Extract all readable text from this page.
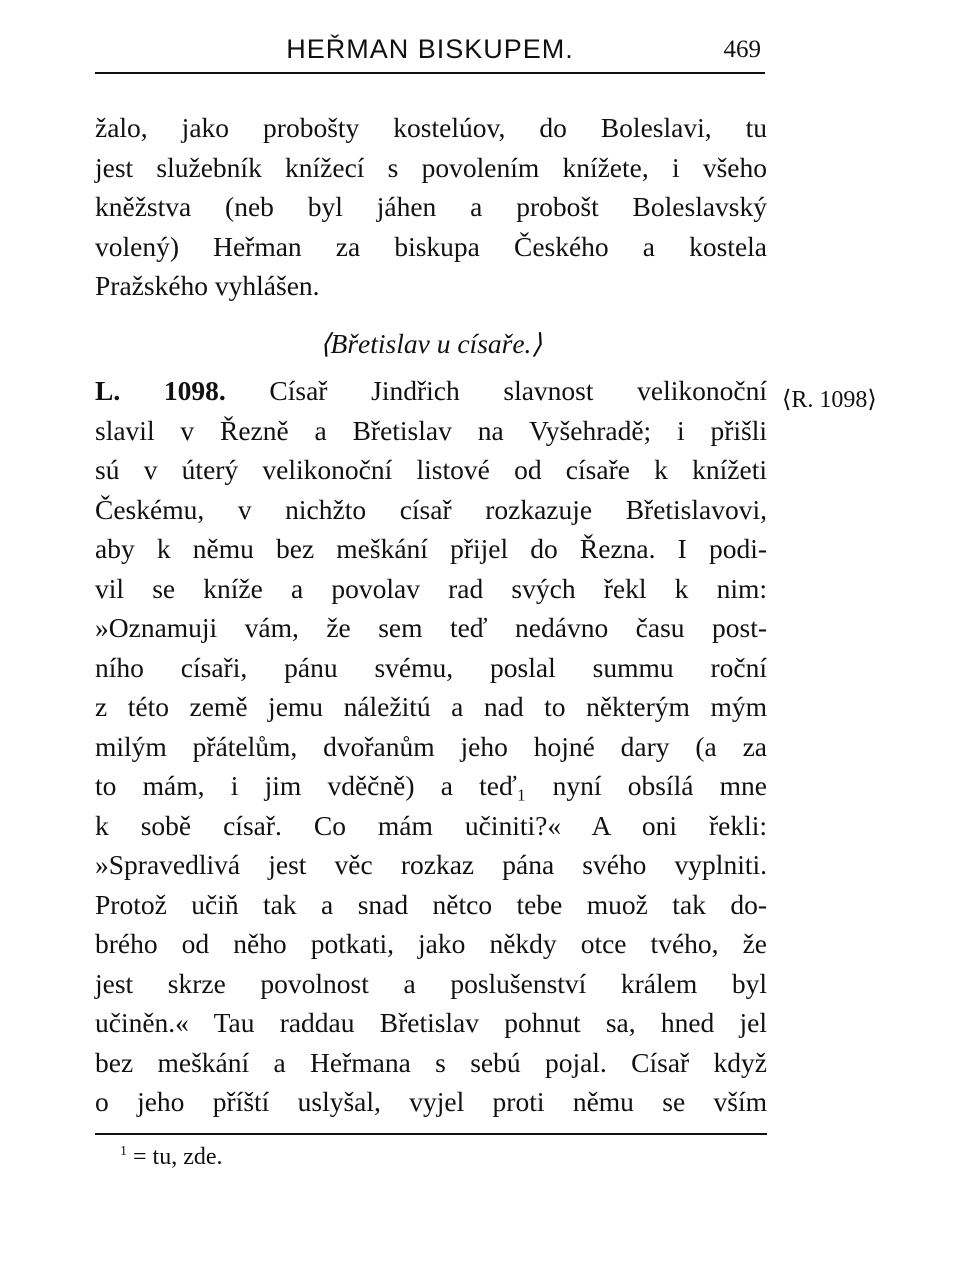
HEŘMAN BISKUPEM.	469
žalo, jako probošty kostelúov, do Boleslavi, tu
jest služebník knížecí s povolením knížete, i všeho
kněžstva (neb byl jáhen a probošt Boleslavský
volený) Heřman za biskupa Českého a kostela
Pražského vyhlášen.
⟨Břetislav u císaře.⟩
L. 1098. Císař Jindřich slavnost velikonoční
slavil v Řezně a Břetislav na Vyšehradě; i přišli
sú v úterý velikonoční listové od císaře k knížeti
Českému, v nichžto císař rozkazuje Břetislavovi,
aby k němu bez meškání přijel do Řezna. I podi-
vil se kníže a povolav rad svých řekl k nim:
»Oznamuji vám, že sem teď nedávno času post-
ního císaři, pánu svému, poslal summu roční
z této země jemu náležitú a nad to některým mým
milým přátelům, dvořanům jeho hojné dary (a za
to mám, i jim vděčně) a teď₁ nyní obsílá mne
k sobě císař. Co mám učiniti?« A oni řekli:
»Spravedlivá jest věc rozkaz pána svého vyplniti.
Protož učiň tak a snad nětco tebe muož tak do-
brého od něho potkati, jako někdy otce tvého, že
jest skrze povolnost a poslušenství králem byl
učiněn.« Tau raddau Břetislav pohnut sa, hned jel
bez meškání a Heřmana s sebú pojal. Císař když
o jeho příští uslyšal, vyjel proti němu se vším
⟨R. 1098⟩
$^1$ = tu, zde.
